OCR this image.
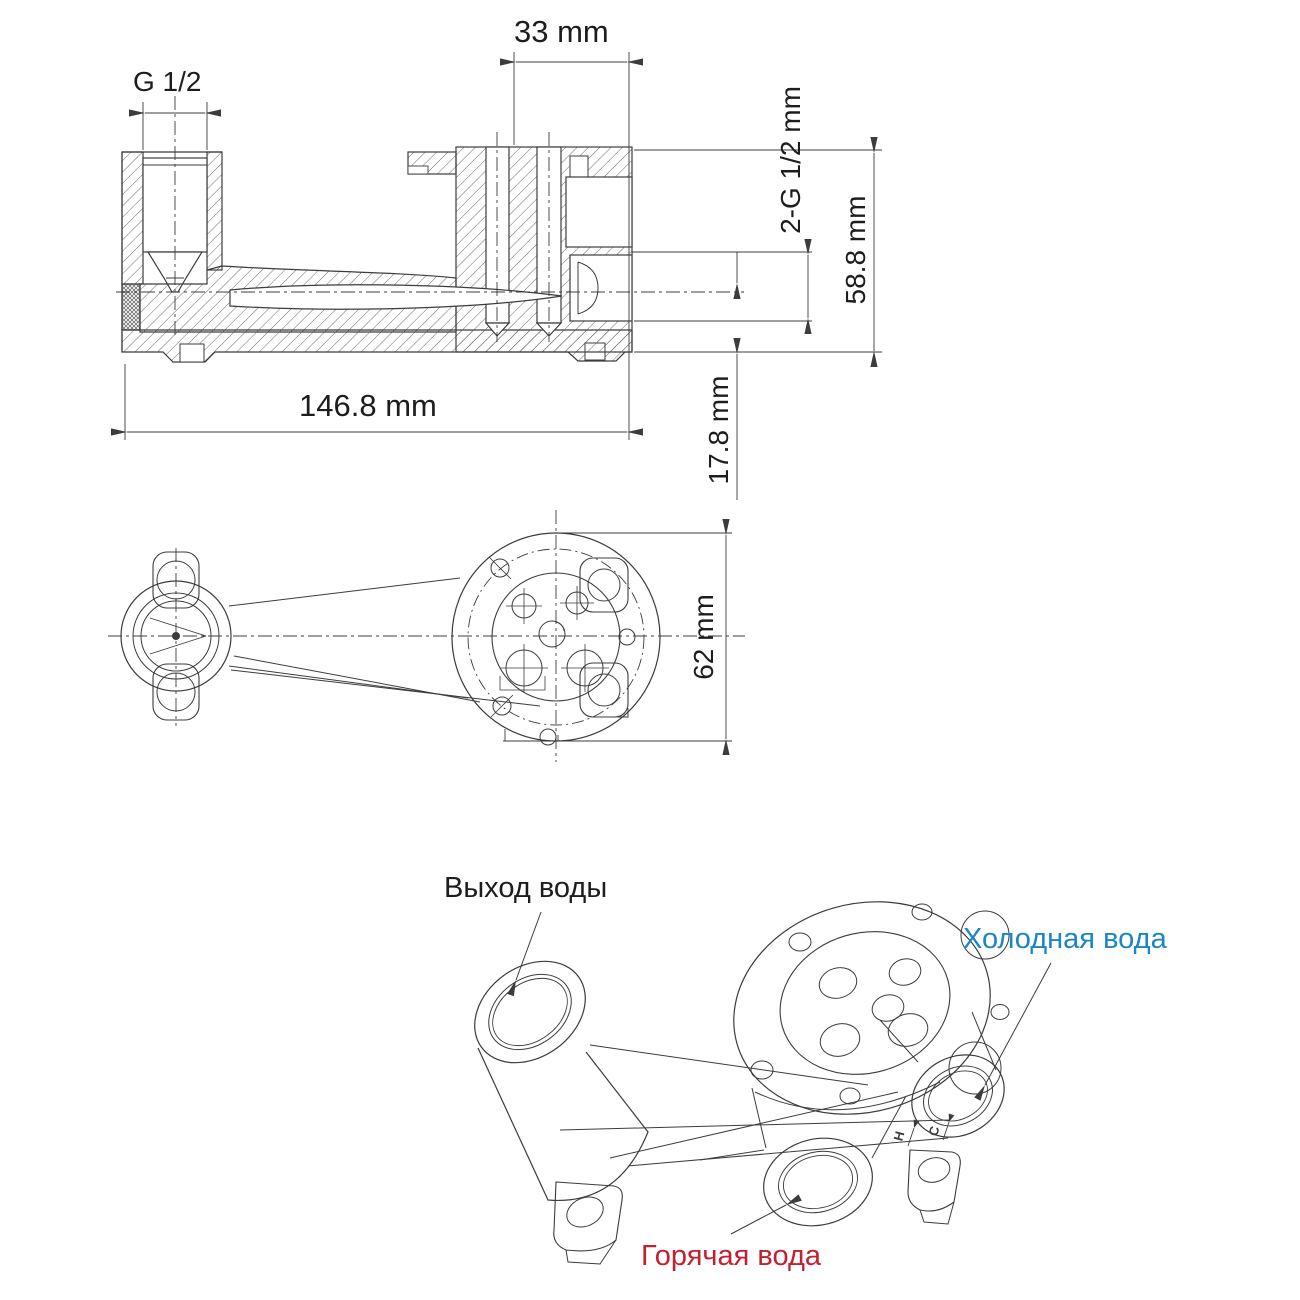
33 mm
G 1/2
2-G 1/2 mm
58.8 mm
146.8 mm	17.8 mm
62 mm
Выход воды
Холодная вода
Горячая вода
H C
